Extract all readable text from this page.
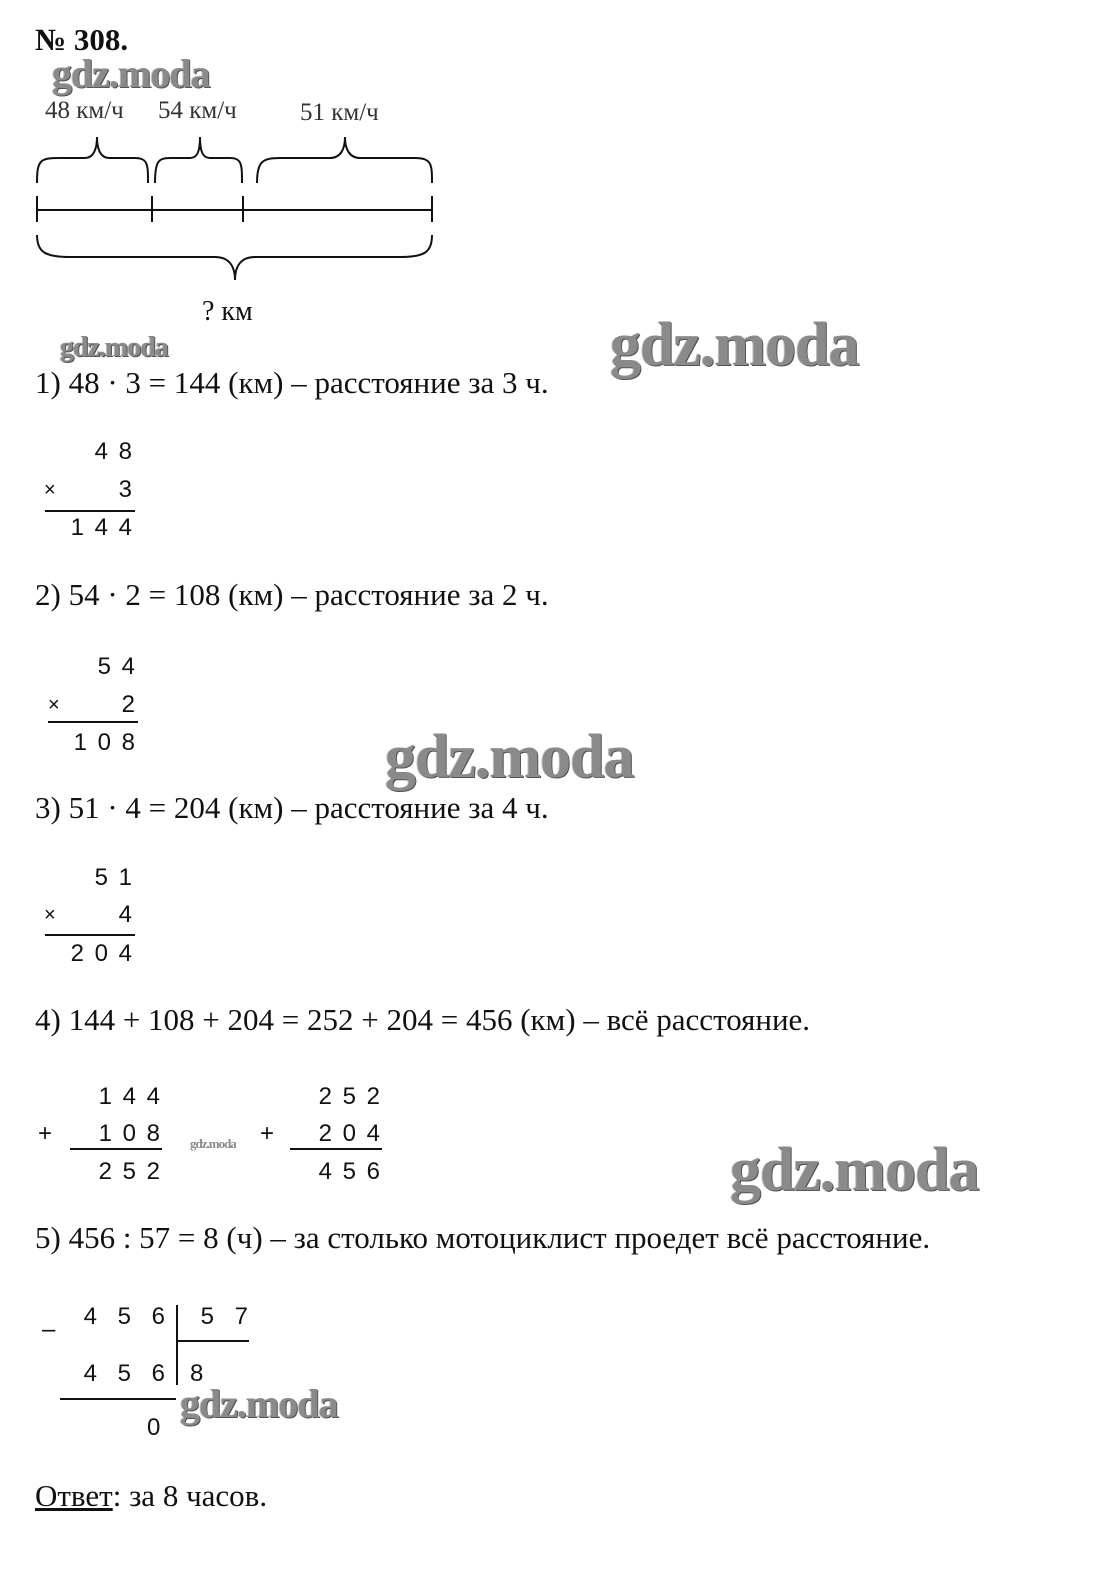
№ 308.
gdz.moda
gdz.moda	gdz.moda
gdz.moda
gdz.moda	gdz.moda
gdz.moda
48 км/ч 54 км/ч	51 км/ч
? км
1) 48 · 3 = 144 (км) – расстояние за 3 ч.
4 8
×	3
1 4 4
2) 54 · 2 = 108 (км) – расстояние за 2 ч.
5 4
×	2
1 0 8
3) 51 · 4 = 204 (км) – расстояние за 4 ч.
5 1
×	4
2 0 4
4) 144 + 108 + 204 = 252 + 204 = 456 (км) – всё расстояние.
1 4 4
+	1 0 8
2 5 2
2 5 2
+	2 0 4
4 5 6
5) 456 : 57 = 8 (ч) – за столько мотоциклист проедет всё расстояние.
4 5 6
–	5 7
4 5 6 8
0
Ответ: за 8 часов.
